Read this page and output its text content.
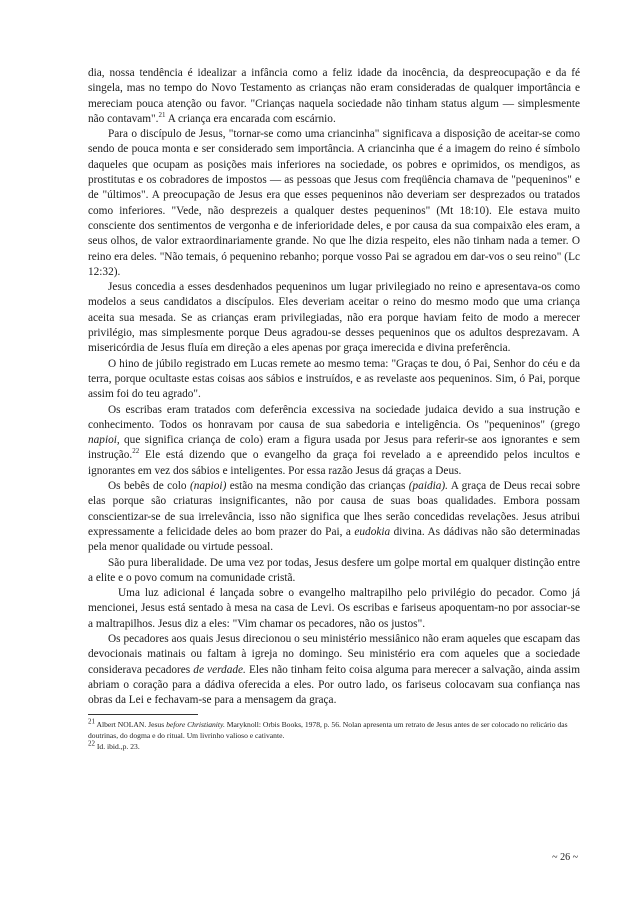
dia, nossa tendência é idealizar a infância como a feliz idade da inocência, da despreocupação e da fé singela, mas no tempo do Novo Testamento as crianças não eram consideradas de qualquer importância e mereciam pouca atenção ou favor. "Crianças naquela sociedade não tinham status algum — simplesmente não contavam".$^{21}$ A criança era encarada com escárnio.

Para o discípulo de Jesus, "tornar-se como uma criancinha" significava a disposição de aceitar-se como sendo de pouca monta e ser considerado sem importância. A criancinha que é a imagem do reino é símbolo daqueles que ocupam as posições mais inferiores na sociedade, os pobres e oprimidos, os mendigos, as prostitutas e os cobradores de impostos — as pessoas que Jesus com freqüência chamava de "pequeninos" e de "últimos". A preocupação de Jesus era que esses pequeninos não deveriam ser desprezados ou tratados como inferiores. "Vede, não desprezeis a qualquer destes pequeninos" (Mt 18:10). Ele estava muito consciente dos sentimentos de vergonha e de inferioridade deles, e por causa da sua compaixão eles eram, a seus olhos, de valor extraordinariamente grande. No que lhe dizia respeito, eles não tinham nada a temer. O reino era deles. "Não temais, ó pequenino rebanho; porque vosso Pai se agradou em dar-vos o seu reino" (Lc 12:32).

Jesus concedia a esses desdenhados pequeninos um lugar privilegiado no reino e apresentava-os como modelos a seus candidatos a discípulos. Eles deveriam aceitar o reino do mesmo modo que uma criança aceita sua mesada. Se as crianças eram privilegiadas, não era porque haviam feito de modo a merecer privilégio, mas simplesmente porque Deus agradou-se desses pequeninos que os adultos desprezavam. A misericórdia de Jesus fluía em direção a eles apenas por graça imerecida e divina preferência.

O hino de júbilo registrado em Lucas remete ao mesmo tema: "Graças te dou, ó Pai, Senhor do céu e da terra, porque ocultaste estas coisas aos sábios e instruídos, e as revelaste aos pequeninos. Sim, ó Pai, porque assim foi do teu agrado".

Os escribas eram tratados com deferência excessiva na sociedade judaica devido a sua instrução e conhecimento. Todos os honravam por causa de sua sabedoria e inteligência. Os "pequeninos" (grego napioi, que significa criança de colo) eram a figura usada por Jesus para referir-se aos ignorantes e sem instrução.$^{22}$ Ele está dizendo que o evangelho da graça foi revelado a e apreendido pelos incultos e ignorantes em vez dos sábios e inteligentes. Por essa razão Jesus dá graças a Deus.

Os bebês de colo (napioi) estão na mesma condição das crianças (paidia). A graça de Deus recai sobre elas porque são criaturas insignificantes, não por causa de suas boas qualidades. Embora possam conscientizar-se de sua irrelevância, isso não significa que lhes serão concedidas revelações. Jesus atribui expressamente a felicidade deles ao bom prazer do Pai, a eudokia divina. As dádivas não são determinadas pela menor qualidade ou virtude pessoal.

São pura liberalidade. De uma vez por todas, Jesus desfere um golpe mortal em qualquer distinção entre a elite e o povo comum na comunidade cristã.

Uma luz adicional é lançada sobre o evangelho maltrapilho pelo privilégio do pecador. Como já mencionei, Jesus está sentado à mesa na casa de Levi. Os escribas e fariseus apoquentam-no por associar-se a maltrapilhos. Jesus diz a eles: "Vim chamar os pecadores, não os justos".

Os pecadores aos quais Jesus direcionou o seu ministério messiânico não eram aqueles que escapam das devocionais matinais ou faltam à igreja no domingo. Seu ministério era com aqueles que a sociedade considerava pecadores de verdade. Eles não tinham feito coisa alguma para merecer a salvação, ainda assim abriam o coração para a dádiva oferecida a eles. Por outro lado, os fariseus colocavam sua confiança nas obras da Lei e fechavam-se para a mensagem da graça.

21 Albert NOLAN. Jesus before Christianity. Maryknoll: Orbis Books, 1978, p. 56. Nolan apresenta um retrato de Jesus antes de ser colocado no relicário das doutrinas, do dogma e do ritual. Um livrinho valioso e cativante.

22 Id. ibid.,p. 23.

~ 26 ~
